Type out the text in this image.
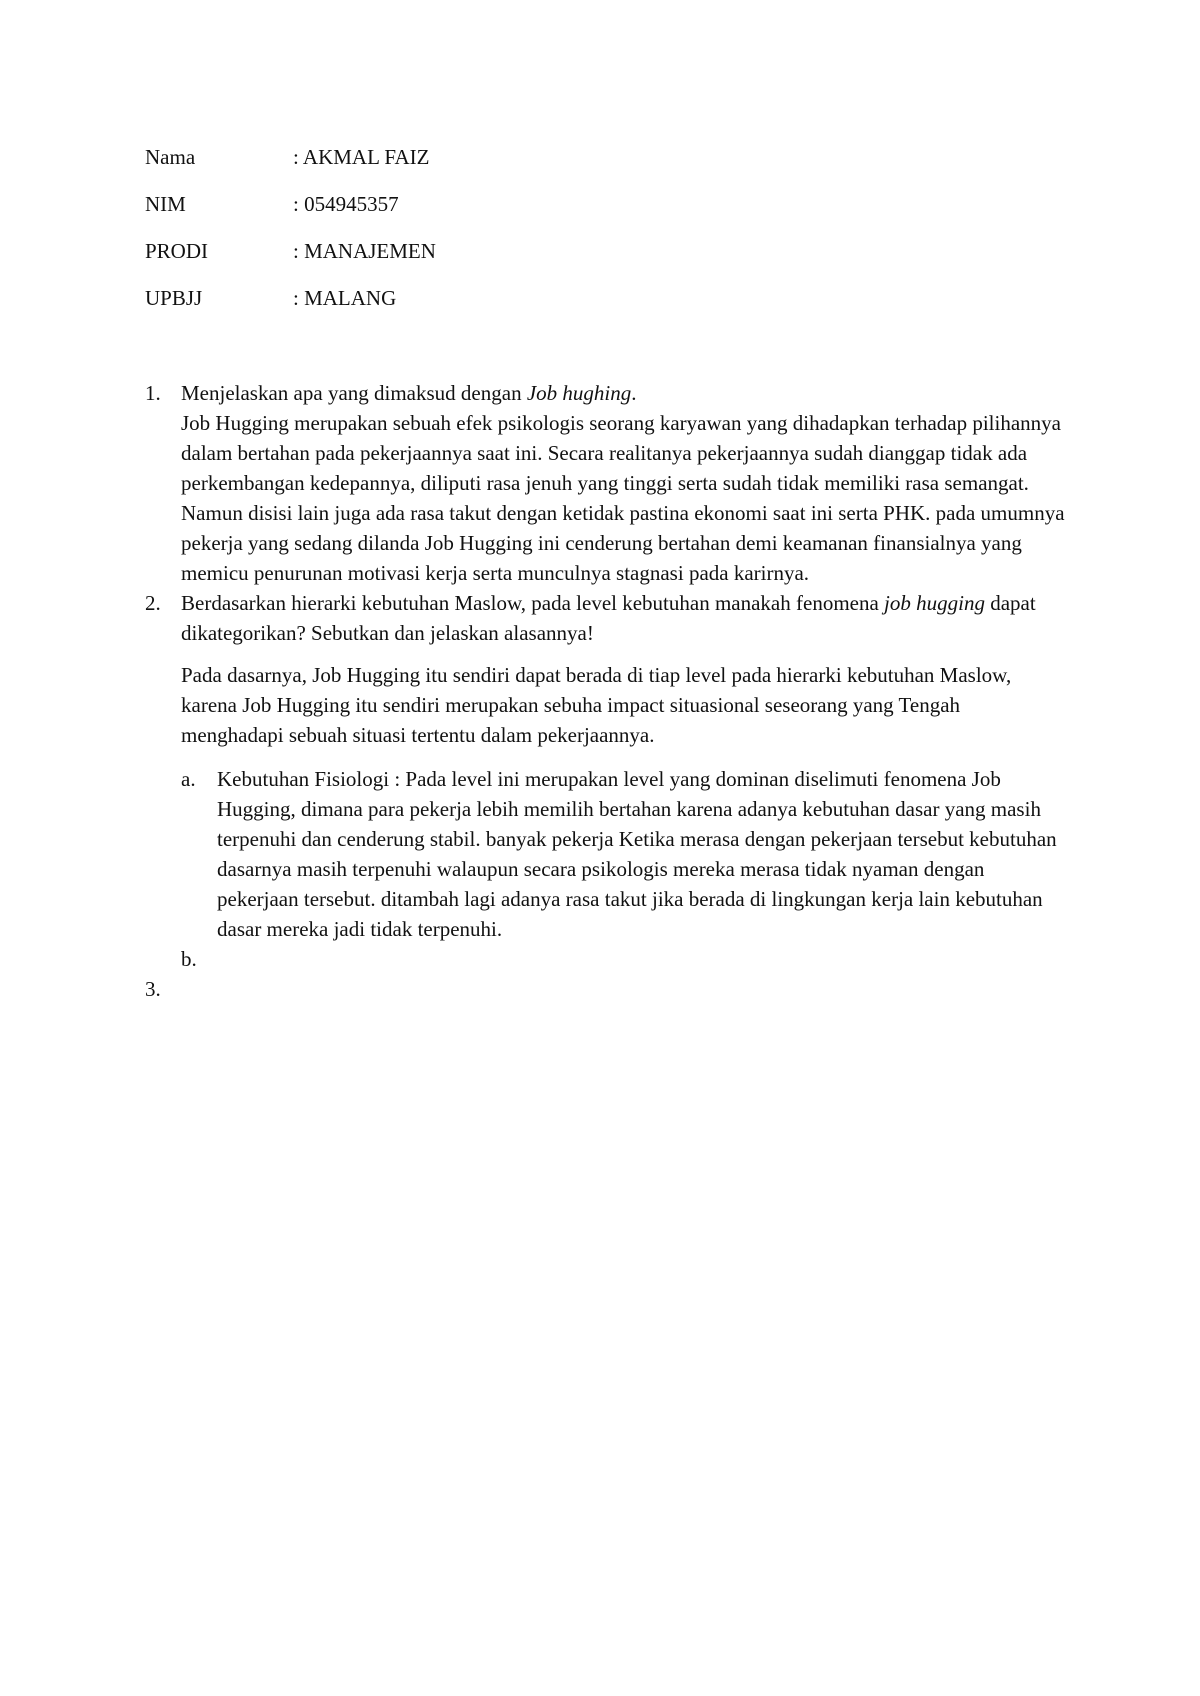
Nama	: AKMAL FAIZ
NIM	: 054945357
PRODI	: MANAJEMEN
UPBJJ	: MALANG
1. Menjelaskan apa yang dimaksud dengan Job hughing.

Job Hugging merupakan sebuah efek psikologis seorang karyawan yang dihadapkan terhadap pilihannya dalam bertahan pada pekerjaannya saat ini. Secara realitanya pekerjaannya sudah dianggap tidak ada perkembangan kedepannya, diliputi rasa jenuh yang tinggi serta sudah tidak memiliki rasa semangat. Namun disisi lain juga ada rasa takut dengan ketidak pastina ekonomi saat ini serta PHK. pada umumnya pekerja yang sedang dilanda Job Hugging ini cenderung bertahan demi keamanan finansialnya yang memicu penurunan motivasi kerja serta munculnya stagnasi pada karirnya.

2. Berdasarkan hierarki kebutuhan Maslow, pada level kebutuhan manakah fenomena job hugging dapat dikategorikan? Sebutkan dan jelaskan alasannya!

Pada dasarnya, Job Hugging itu sendiri dapat berada di tiap level pada hierarki kebutuhan Maslow, karena Job Hugging itu sendiri merupakan sebuha impact situasional seseorang yang Tengah menghadapi sebuah situasi tertentu dalam pekerjaannya.

a. Kebutuhan Fisiologi : Pada level ini merupakan level yang dominan diselimuti fenomena Job Hugging, dimana para pekerja lebih memilih bertahan karena adanya kebutuhan dasar yang masih terpenuhi dan cenderung stabil. banyak pekerja Ketika merasa dengan pekerjaan tersebut kebutuhan dasarnya masih terpenuhi walaupun secara psikologis mereka merasa tidak nyaman dengan pekerjaan tersebut. ditambah lagi adanya rasa takut jika berada di lingkungan kerja lain kebutuhan dasar mereka jadi tidak terpenuhi.

b.

3.
